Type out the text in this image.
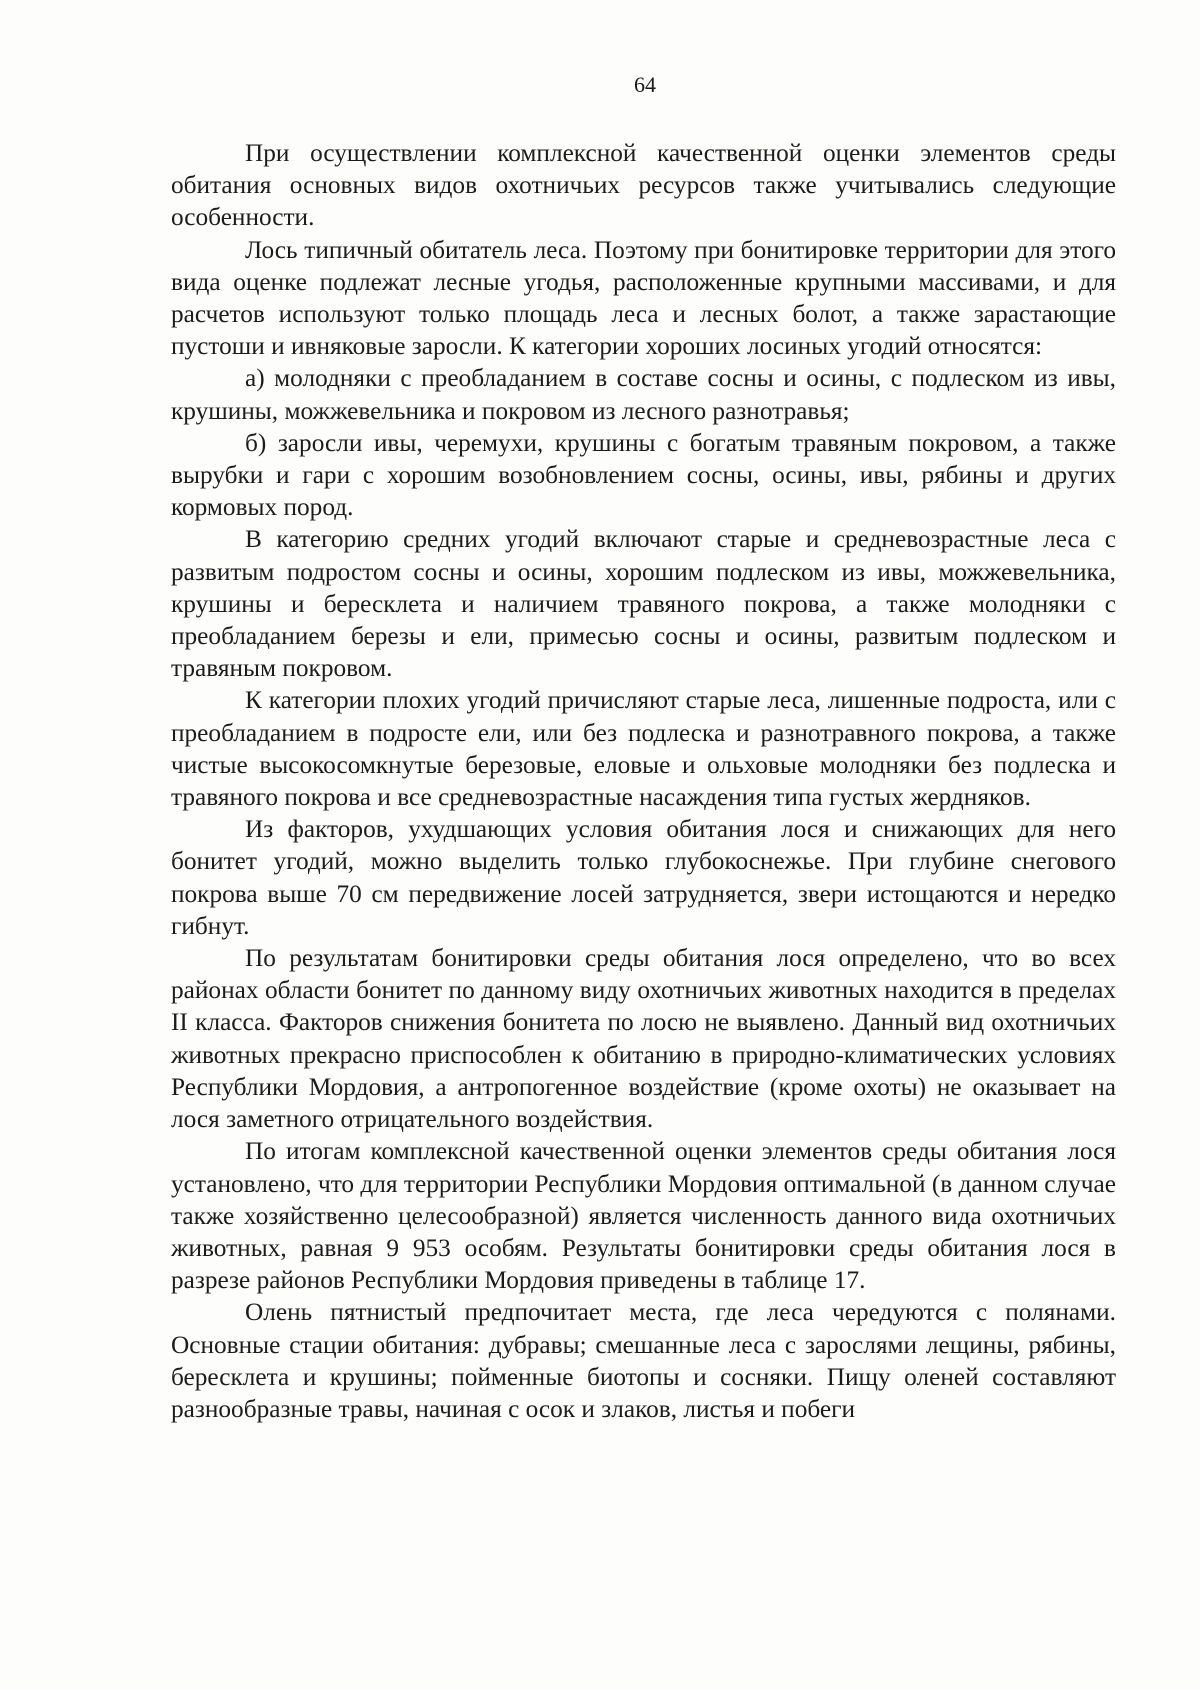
64

При осуществлении комплексной качественной оценки элементов среды обитания основных видов охотничьих ресурсов также учитывались следующие особенности.

Лось типичный обитатель леса. Поэтому при бонитировке территории для этого вида оценке подлежат лесные угодья, расположенные крупными массивами, и для расчетов используют только площадь леса и лесных болот, а также зарастающие пустоши и ивняковые заросли. К категории хороших лосиных угодий относятся:

а) молодняки с преобладанием в составе сосны и осины, с подлеском из ивы, крушины, можжевельника и покровом из лесного разнотравья;

б) заросли ивы, черемухи, крушины с богатым травяным покровом, а также вырубки и гари с хорошим возобновлением сосны, осины, ивы, рябины и других кормовых пород.

В категорию средних угодий включают старые и средневозрастные леса с развитым подростом сосны и осины, хорошим подлеском из ивы, можжевельника, крушины и бересклета и наличием травяного покрова, а также молодняки с преобладанием березы и ели, примесью сосны и осины, развитым подлеском и травяным покровом.

К категории плохих угодий причисляют старые леса, лишенные подроста, или с преобладанием в подросте ели, или без подлеска и разнотравного покрова, а также чистые высокосомкнутые березовые, еловые и ольховые молодняки без подлеска и травяного покрова и все средневозрастные насаждения типа густых жердняков.

Из факторов, ухудшающих условия обитания лося и снижающих для него бонитет угодий, можно выделить только глубокоснежье. При глубине снегового покрова выше 70 см передвижение лосей затрудняется, звери истощаются и нередко гибнут.

По результатам бонитировки среды обитания лося определено, что во всех районах области бонитет по данному виду охотничьих животных находится в пределах II класса. Факторов снижения бонитета по лосю не выявлено. Данный вид охотничьих животных прекрасно приспособлен к обитанию в природно-климатических условиях Республики Мордовия, а антропогенное воздействие (кроме охоты) не оказывает на лося заметного отрицательного воздействия.

По итогам комплексной качественной оценки элементов среды обитания лося установлено, что для территории Республики Мордовия оптимальной (в данном случае также хозяйственно целесообразной) является численность данного вида охотничьих животных, равная 9 953 особям. Результаты бонитировки среды обитания лося в разрезе районов Республики Мордовия приведены в таблице 17.

Олень пятнистый предпочитает места, где леса чередуются с полянами. Основные стации обитания: дубравы; смешанные леса с зарослями лещины, рябины, бересклета и крушины; пойменные биотопы и сосняки. Пищу оленей составляют разнообразные травы, начиная с осок и злаков, листья и побеги
